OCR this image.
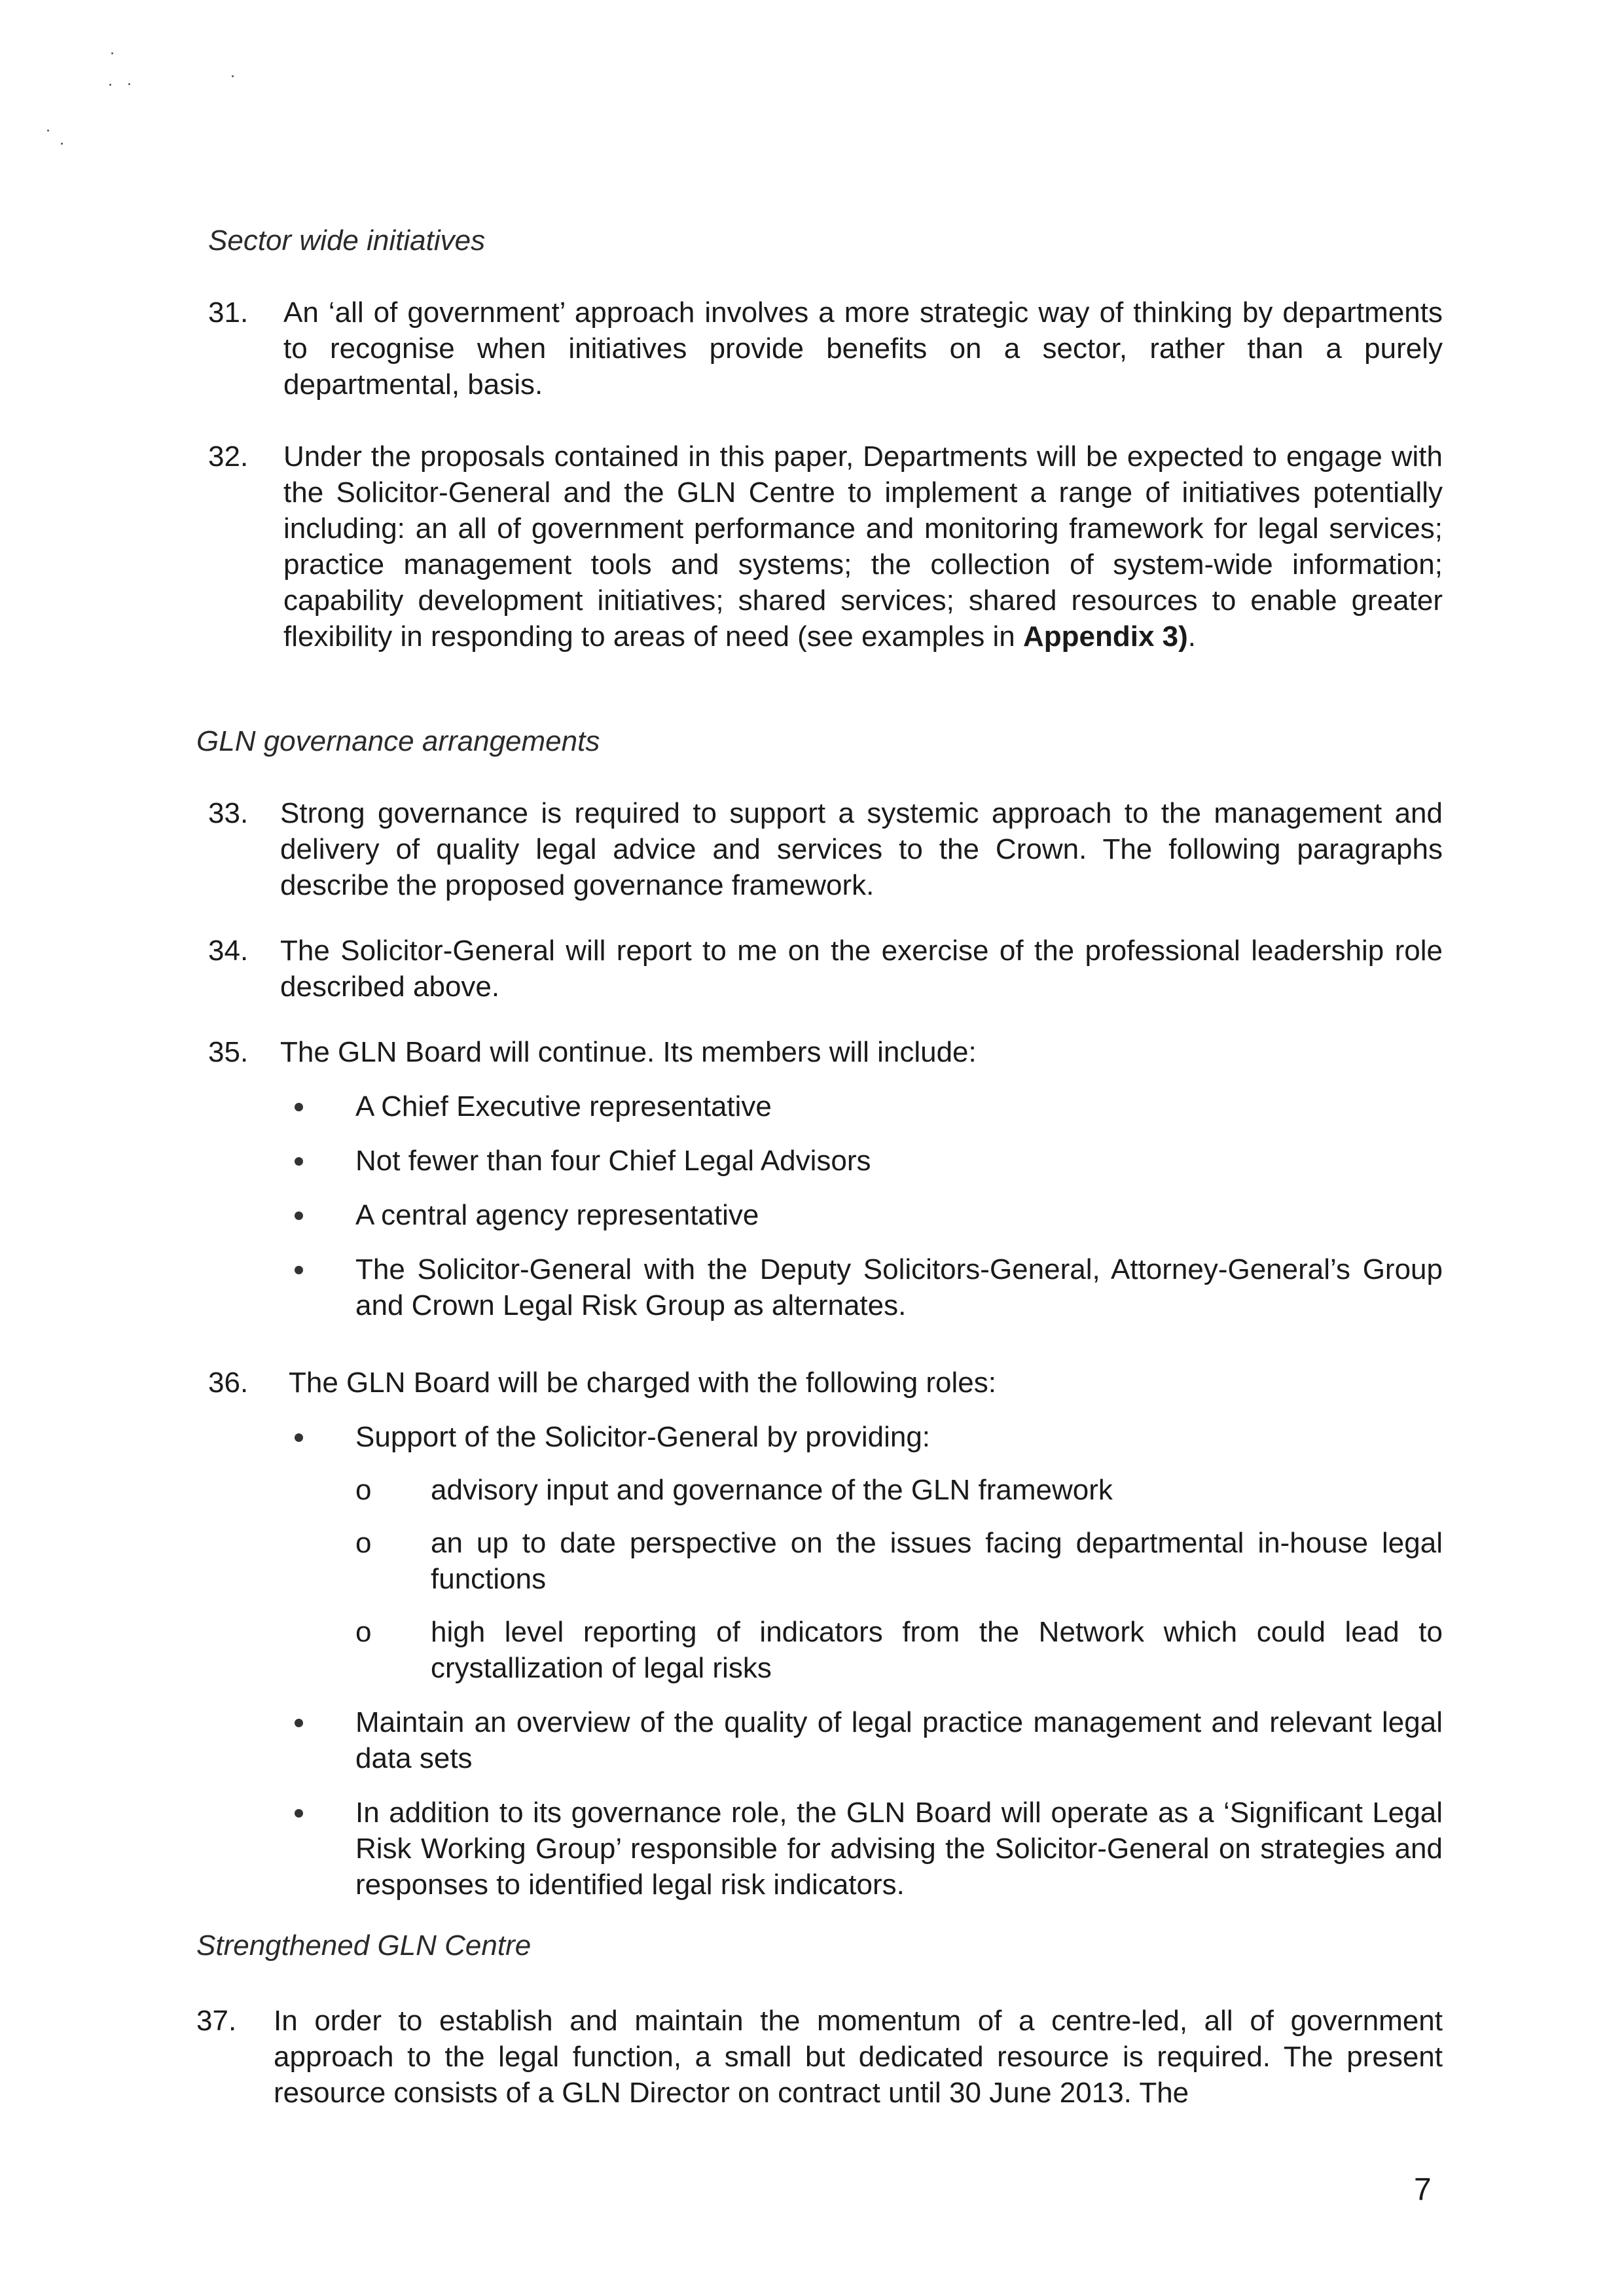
Sector wide initiatives
31. An ‘all of government’ approach involves a more strategic way of thinking by departments to recognise when initiatives provide benefits on a sector, rather than a purely departmental, basis.
32. Under the proposals contained in this paper, Departments will be expected to engage with the Solicitor-General and the GLN Centre to implement a range of initiatives potentially including: an all of government performance and monitoring framework for legal services; practice management tools and systems; the collection of system-wide information; capability development initiatives; shared services; shared resources to enable greater flexibility in responding to areas of need (see examples in Appendix 3).
GLN governance arrangements
33. Strong governance is required to support a systemic approach to the management and delivery of quality legal advice and services to the Crown. The following paragraphs describe the proposed governance framework.
34. The Solicitor-General will report to me on the exercise of the professional leadership role described above.
35. The GLN Board will continue. Its members will include:
A Chief Executive representative
Not fewer than four Chief Legal Advisors
A central agency representative
The Solicitor-General with the Deputy Solicitors-General, Attorney-General’s Group and Crown Legal Risk Group as alternates.
36. The GLN Board will be charged with the following roles:
Support of the Solicitor-General by providing:
o advisory input and governance of the GLN framework
o an up to date perspective on the issues facing departmental in-house legal functions
o high level reporting of indicators from the Network which could lead to crystallization of legal risks
Maintain an overview of the quality of legal practice management and relevant legal data sets
In addition to its governance role, the GLN Board will operate as a ‘Significant Legal Risk Working Group’ responsible for advising the Solicitor-General on strategies and responses to identified legal risk indicators.
Strengthened GLN Centre
37. In order to establish and maintain the momentum of a centre-led, all of government approach to the legal function, a small but dedicated resource is required. The present resource consists of a GLN Director on contract until 30 June 2013. The
7
